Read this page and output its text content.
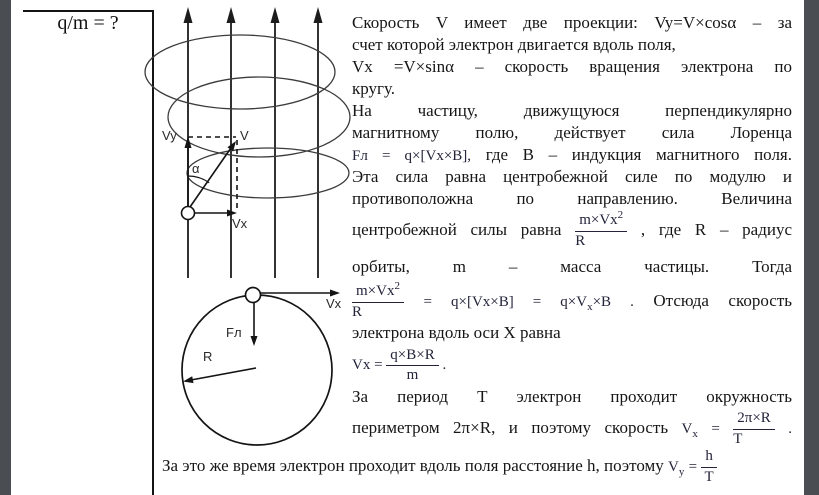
q/m = ?
Vy	V
α
Vx
Vx
Fл
R
Скорость V имеет две проекции: Vy=V×cosα – за
счет которой электрон двигается вдоль поля,
Vx =V×sinα – скорость вращения электрона по
кругу.
На частицу, движущуюся перпендикулярно
магнитному полю, действует сила Лоренца
Fл = q×[Vx×B], где В – индукция магнитного поля.
Эта сила равна центробежной силе по модулю и
противоположна по направлению. Величина
центробежной силы равна $\frac{m\times Vx^2}{R}$ , где R – радиус
орбиты, m – масса частицы. Тогда
$\frac{m\times Vx^2}{R} = q\times[Vx\times B] = q\times V_x\times B$ . Отсюда скорость
электрона вдоль оси Х равна
$Vx = \frac{q\times B\times R}{m}$ .
За период Т электрон проходит окружность
периметром 2π×R, и поэтому скорость $V_x = \frac{2\pi\times R}{T}$ .
За это же время электрон проходит вдоль поля расстояние h, поэтому $V_y = \frac{h}{T}$
